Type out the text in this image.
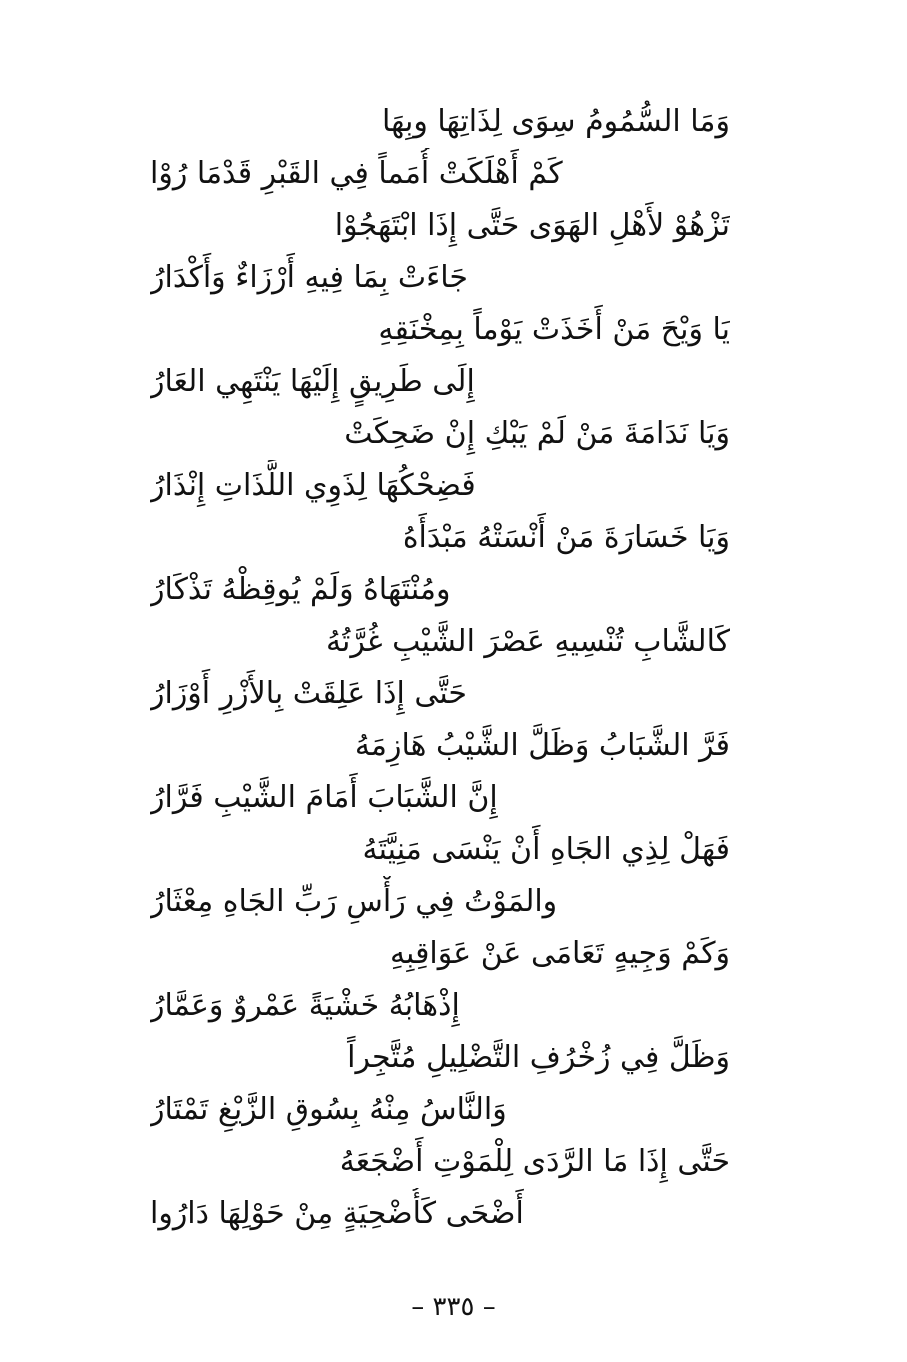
وَمَا السُّمُومُ سِوَى لِذَاتِهَا وبِهَا
كَمْ أَهْلَكَتْ أُمَماً فِي القَبْرِ قَدْمَا رُوْا
تَزْهُوْ لأَهْلِ الهَوَى حَتَّى إِذَا ابْتَهَجُوْا
جَاءَتْ بِمَا فِيهِ أَرْزَاءٌ وَأَكْدَارُ
يَا وَيْحَ مَنْ أَخَذَتْ يَوْماً بِمِخْنَقِهِ
إِلَى طَرِيقٍ إِلَيْهَا يَنْتَهِي العَارُ
وَيَا نَدَامَةَ مَنْ لَمْ يَبْكِ إِنْ ضَحِكَتْ
فَضِحْكُهَا لِذَوِي اللَّذَاتِ إِنْذَارُ
وَيَا خَسَارَةَ مَنْ أَنْسَتْهُ مَبْدَأَهُ
ومُنْتَهَاهُ وَلَمْ يُوقِظْهُ تَذْكَارُ
كَالشَّابِ تُنْسِيهِ عَصْرَ الشَّيْبِ غُرَّتُهُ
حَتَّى إِذَا عَلِقَتْ بِالأَزْرِ أَوْزَارُ
فَرَّ الشَّبَابُ وَظَلَّ الشَّيْبُ هَازِمَهُ
إِنَّ الشَّبَابَ أَمَامَ الشَّيْبِ فَرَّارُ
فَهَلْ لِذِي الجَاهِ أَنْ يَنْسَى مَنِيَّتَهُ
والمَوْتُ فِي رَأْسِ رَبِّ الجَاهِ مِعْثَارُ
وَكَمْ وَجِيهٍ تَعَامَى عَنْ عَوَاقِبِهِ
إِذْهَابُهُ خَشْيَةً عَمْروٌ وَعَمَّارُ
وَظَلَّ فِي زُخْرُفِ التَّضْلِيلِ مُتَّجِراً
وَالنَّاسُ مِنْهُ بِسُوقِ الزَّيْغِ تَمْتَارُ
حَتَّى إِذَا مَا الرَّدَى لِلْمَوْتِ أَضْجَعَهُ
أَضْحَى كَأُضْحِيَةٍ مِنْ حَوْلِهَا دَارُوا
– ٣٣٥ –
